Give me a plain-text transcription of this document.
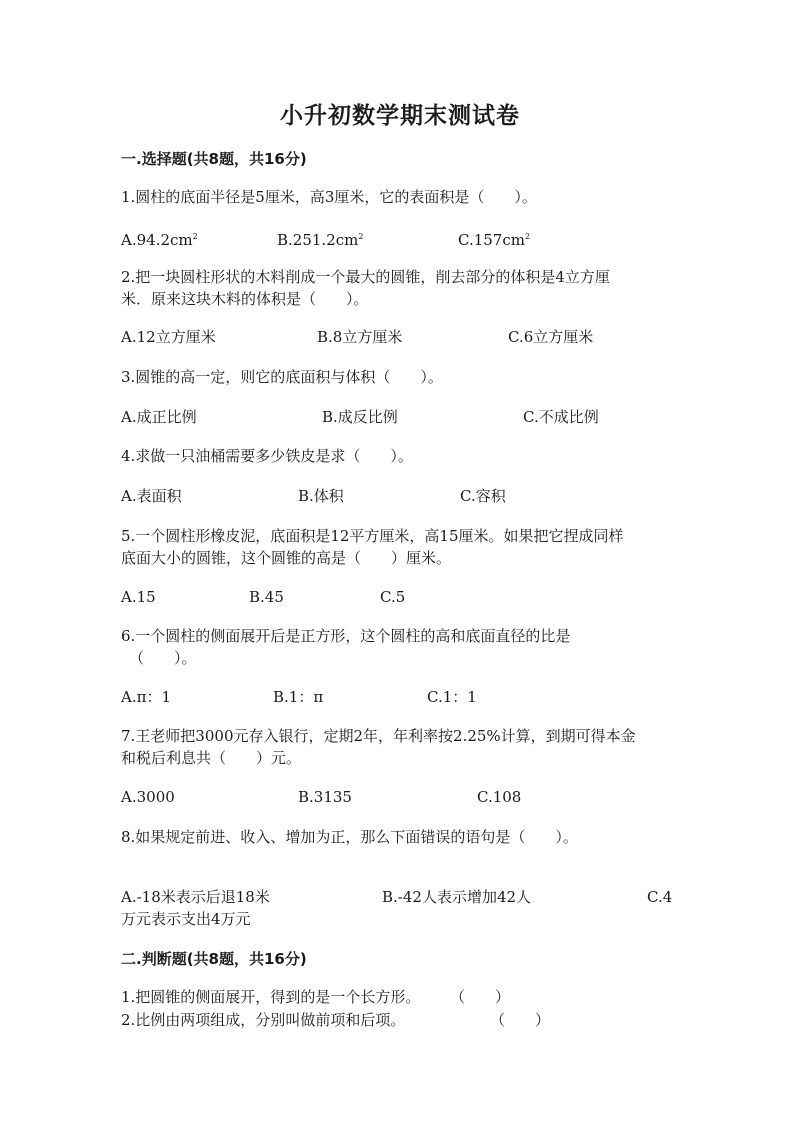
小升初数学期末测试卷
一.选择题(共8题，共16分)
1.圆柱的底面半径是5厘米，高3厘米，它的表面积是（　　）。
$A.94.2cm^2$	$B.251.2cm^2$	$C.157cm^2$
2.把一块圆柱形状的木料削成一个最大的圆锥，削去部分的体积是4立方厘
米．原来这块木料的体积是（　　）。
A.12立方厘米	B.8立方厘米	C.6立方厘米
3.圆锥的高一定，则它的底面积与体积（　　）。
A.成正比例	B.成反比例	C.不成比例
4.求做一只油桶需要多少铁皮是求（　　）。
A.表面积	B.体积	C.容积
5.一个圆柱形橡皮泥，底面积是12平方厘米，高15厘米。如果把它捏成同样
底面大小的圆锥，这个圆锥的高是（　　）厘米。
A.15	B.45	C.5
6.一个圆柱的侧面展开后是正方形，这个圆柱的高和底面直径的比是
（　　）。
A.π：1	B.1：π	C.1：1
7.王老师把3000元存入银行，定期2年，年利率按2.25%计算，到期可得本金
和税后利息共（　　）元。
A.3000	B.3135	C.108
8.如果规定前进、收入、增加为正，那么下面错误的语句是（　　）。
A.-18米表示后退18米	B.-42人表示增加42人	C.4
万元表示支出4万元
二.判断题(共8题，共16分)
1.把圆锥的侧面展开，得到的是一个长方形。 （　　）
2.比例由两项组成，分别叫做前项和后项。	（　　）
